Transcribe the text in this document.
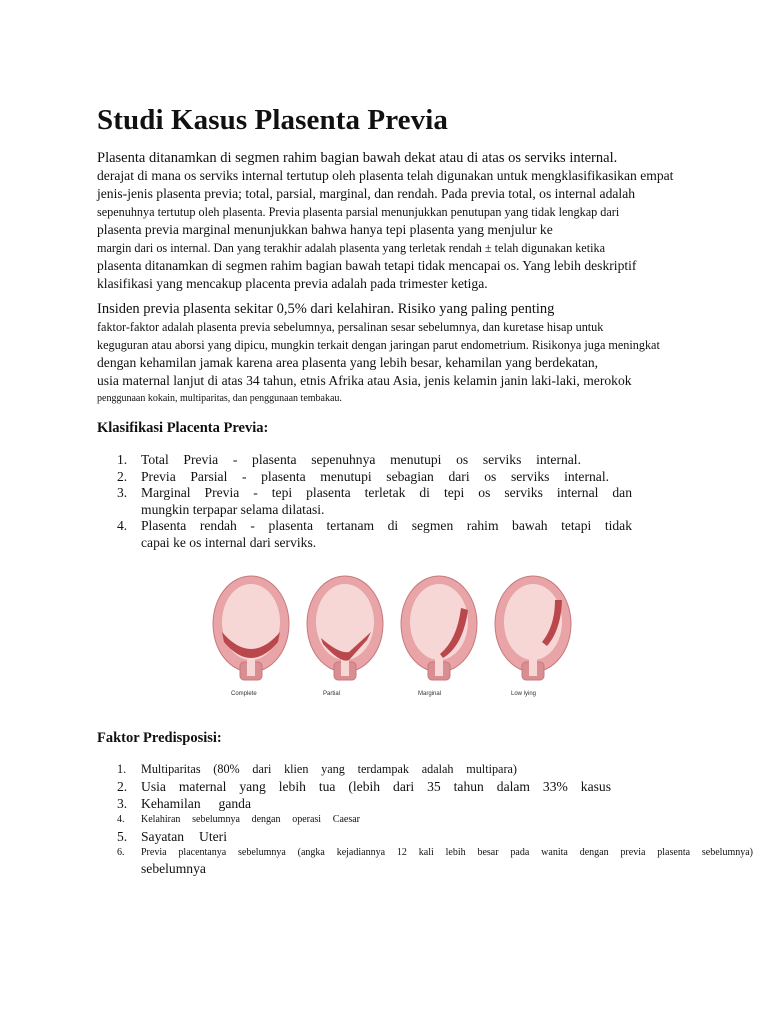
Studi Kasus Plasenta Previa
Plasenta ditanamkan di segmen rahim bagian bawah dekat atau di atas os serviks internal.
derajat di mana os serviks internal tertutup oleh plasenta telah digunakan untuk mengklasifikasikan empat
jenis-jenis plasenta previa; total, parsial, marginal, dan rendah. Pada previa total, os internal adalah
sepenuhnya tertutup oleh plasenta. Previa plasenta parsial menunjukkan penutupan yang tidak lengkap dari
plasenta previa marginal menunjukkan bahwa hanya tepi plasenta yang menjulur ke
margin dari os internal. Dan yang terakhir adalah plasenta yang terletak rendah ± telah digunakan ketika
plasenta ditanamkan di segmen rahim bagian bawah tetapi tidak mencapai os. Yang lebih deskriptif
klasifikasi yang mencakup placenta previa adalah pada trimester ketiga.
Insiden previa plasenta sekitar 0,5% dari kelahiran. Risiko yang paling penting
faktor-faktor adalah plasenta previa sebelumnya, persalinan sesar sebelumnya, dan kuretase hisap untuk
keguguran atau aborsi yang dipicu, mungkin terkait dengan jaringan parut endometrium. Risikonya juga meningkat
dengan kehamilan jamak karena area plasenta yang lebih besar, kehamilan yang berdekatan,
usia maternal lanjut di atas 34 tahun, etnis Afrika atau Asia, jenis kelamin janin laki-laki, merokok
penggunaan kokain, multiparitas, dan penggunaan tembakau.
Klasifikasi Placenta Previa:
1. Total Previa - plasenta sepenuhnya menutupi os serviks internal.
2. Previa Parsial - plasenta menutupi sebagian dari os serviks internal.
3. Marginal Previa - tepi plasenta terletak di tepi os serviks internal dan
mungkin terpapar selama dilatasi.
4. Plasenta rendah - plasenta tertanam di segmen rahim bawah tetapi tidak
capai ke os internal dari serviks.
Complete	Partial	Marginal	Low lying
Faktor Predisposisi:
1. Multiparitas (80% dari klien yang terdampak adalah multipara)
2. Usia maternal yang lebih tua (lebih dari 35 tahun dalam 33% kasus
3. Kehamilan ganda
4. Kelahiran sebelumnya dengan operasi Caesar
5. Sayatan Uteri
6. Previa placentanya sebelumnya (angka kejadiannya 12 kali lebih besar pada wanita dengan previa plasenta sebelumnya)
sebelumnya
